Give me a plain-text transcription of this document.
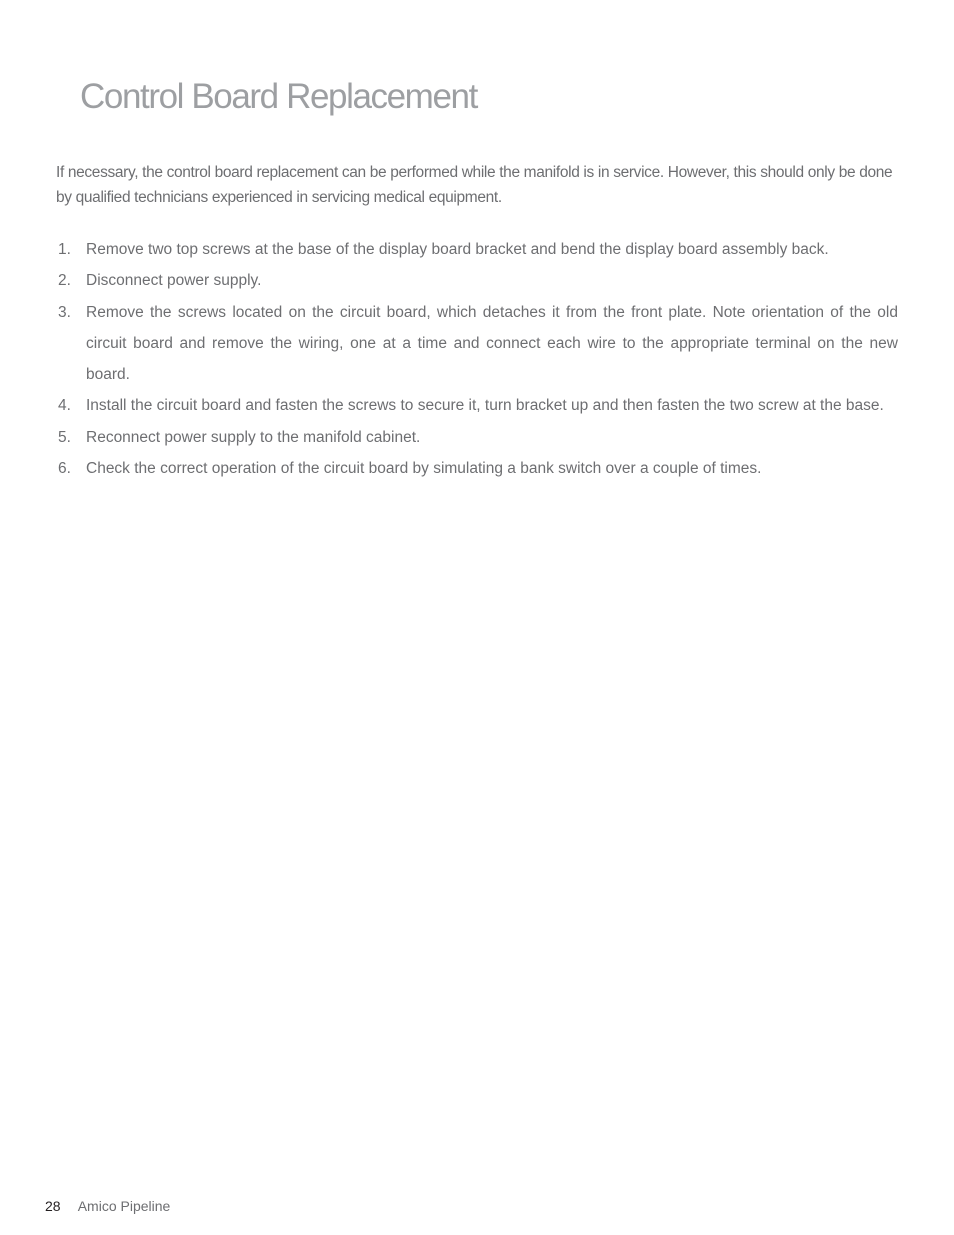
Control Board Replacement

If necessary, the control board replacement can be performed while the manifold is in service. However, this should only be done by qualified technicians experienced in servicing medical equipment.

1. Remove two top screws at the base of the display board bracket and bend the display board assembly back.
2. Disconnect power supply.
3. Remove the screws located on the circuit board, which detaches it from the front plate. Note orientation of the old circuit board and remove the wiring, one at a time and connect each wire to the appropriate terminal on the new board.
4. Install the circuit board and fasten the screws to secure it, turn bracket up and then fasten the two screw at the base.
5. Reconnect power supply to the manifold cabinet.
6. Check the correct operation of the circuit board by simulating a bank switch over a couple of times.
28 Amico Pipeline
